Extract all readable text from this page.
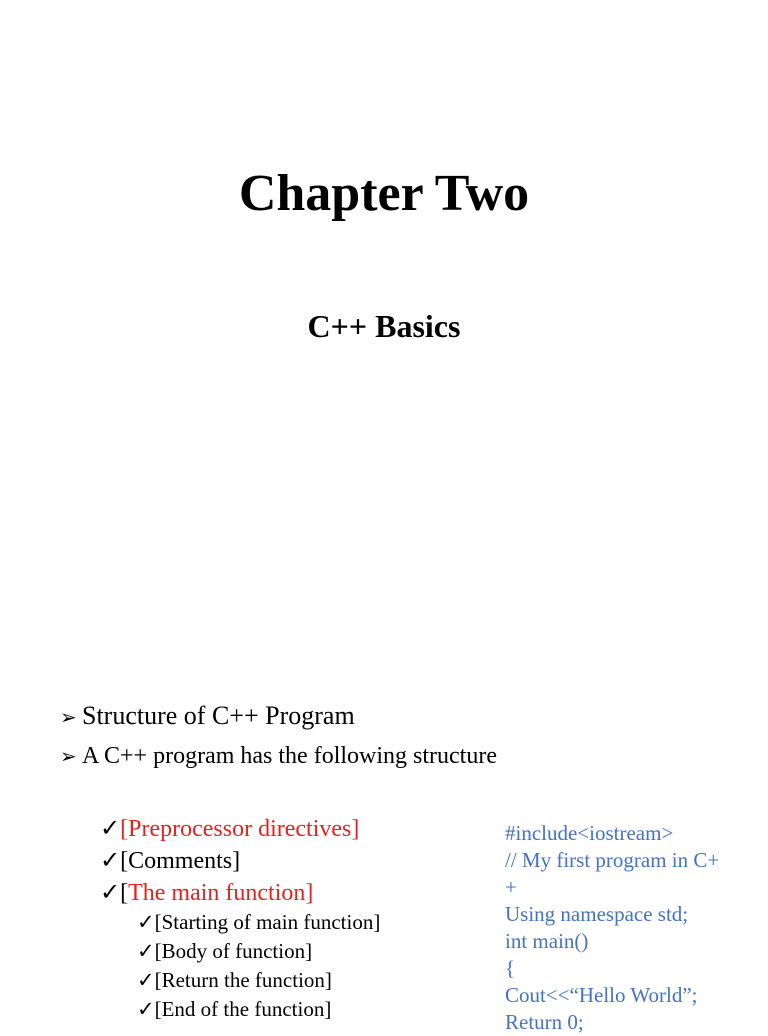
Chapter Two
C++ Basics
➢ Structure of C++ Program
➢ A C++ program has the following structure
✓[Preprocessor directives]
✓[Comments]
✓[The main function]
✓[Starting of main function]
✓[Body of function]
✓[Return the function]
✓[End of the function]
#include<iostream>
// My first program in C+
+
Using namespace std;
int main()
{
Cout<<“Hello World”;
Return 0;
